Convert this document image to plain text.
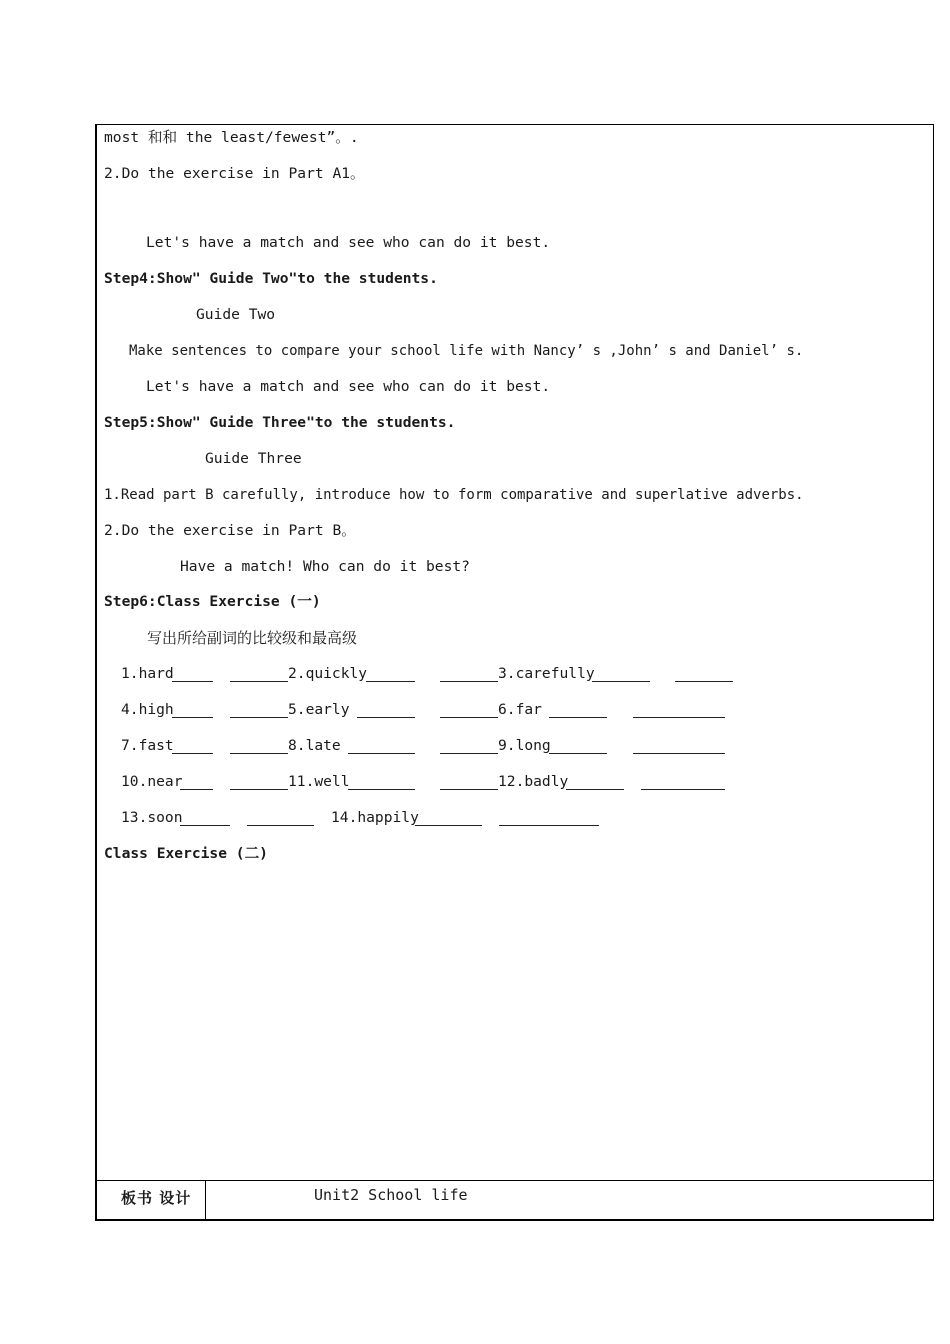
板书 设计	Unit2 School life
most 和和 the least/fewest”。.
2.Do the exercise in Part A1。
Let's have a match and see who can do it best.
Step4:Show" Guide Two"to the students.
Guide Two
Make sentences to compare your school life with Nancy’ s ,John’ s and Daniel’ s.
Let's have a match and see who can do it best.
Step5:Show" Guide Three"to the students.
Guide Three
1.Read part B carefully, introduce how to form comparative and superlative adverbs.
2.Do the exercise in Part B。
Have a match! Who can do it best?
Step6:Class Exercise (一)
写出所给副词的比较级和最高级
1.hard	2.quickly	3.carefully
4.high	5.early	6.far
7.fast	8.late	9.long
10.near	11.well	12.badly
13.soon	14.happily
Class Exercise (二)
